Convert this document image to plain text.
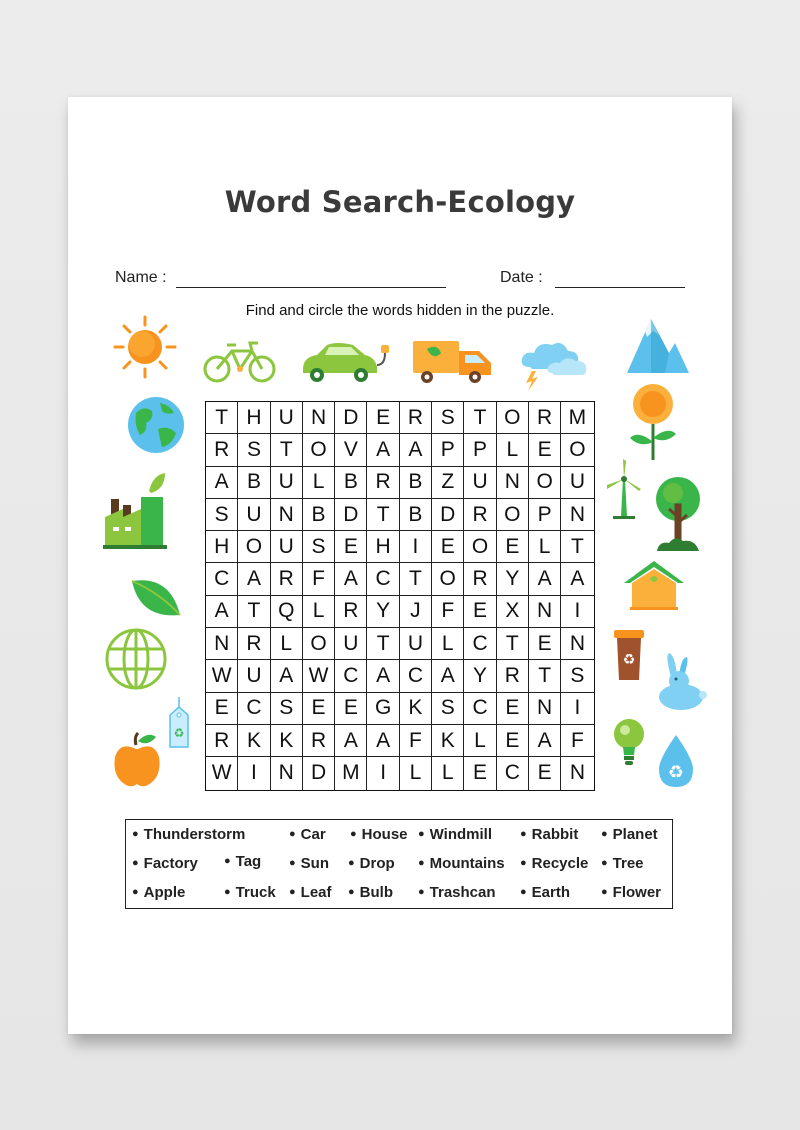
Word Search-Ecology
Name :	Date :
Find and circle the words hidden in the puzzle.
♻
♻
♻
T H U N D E R S T O R M
R S T O V A A P P L E O
A B U L B R B Z U N O U
S U N B D T B D R O P N
H O U S E H	I	E O E L T
C A R F A C T O R Y A A
A T Q L R Y J F E X N	I
N R L O U T U L C T E N
W U A W C A C A Y R T S
E C S E E G K S C E N	I
R K K R A A F K L E A F
W I	N D M I	L L E C E N
● Thunderstorm	● Car ● House ● Windmill	● Rabbit ● Planet
● Factory ● Tag	● Sun ● Drop ● Mountains ● Recycle ● Tree
● Apple	● Truck ● Leaf ● Bulb ● Trashcan ● Earth	● Flower
